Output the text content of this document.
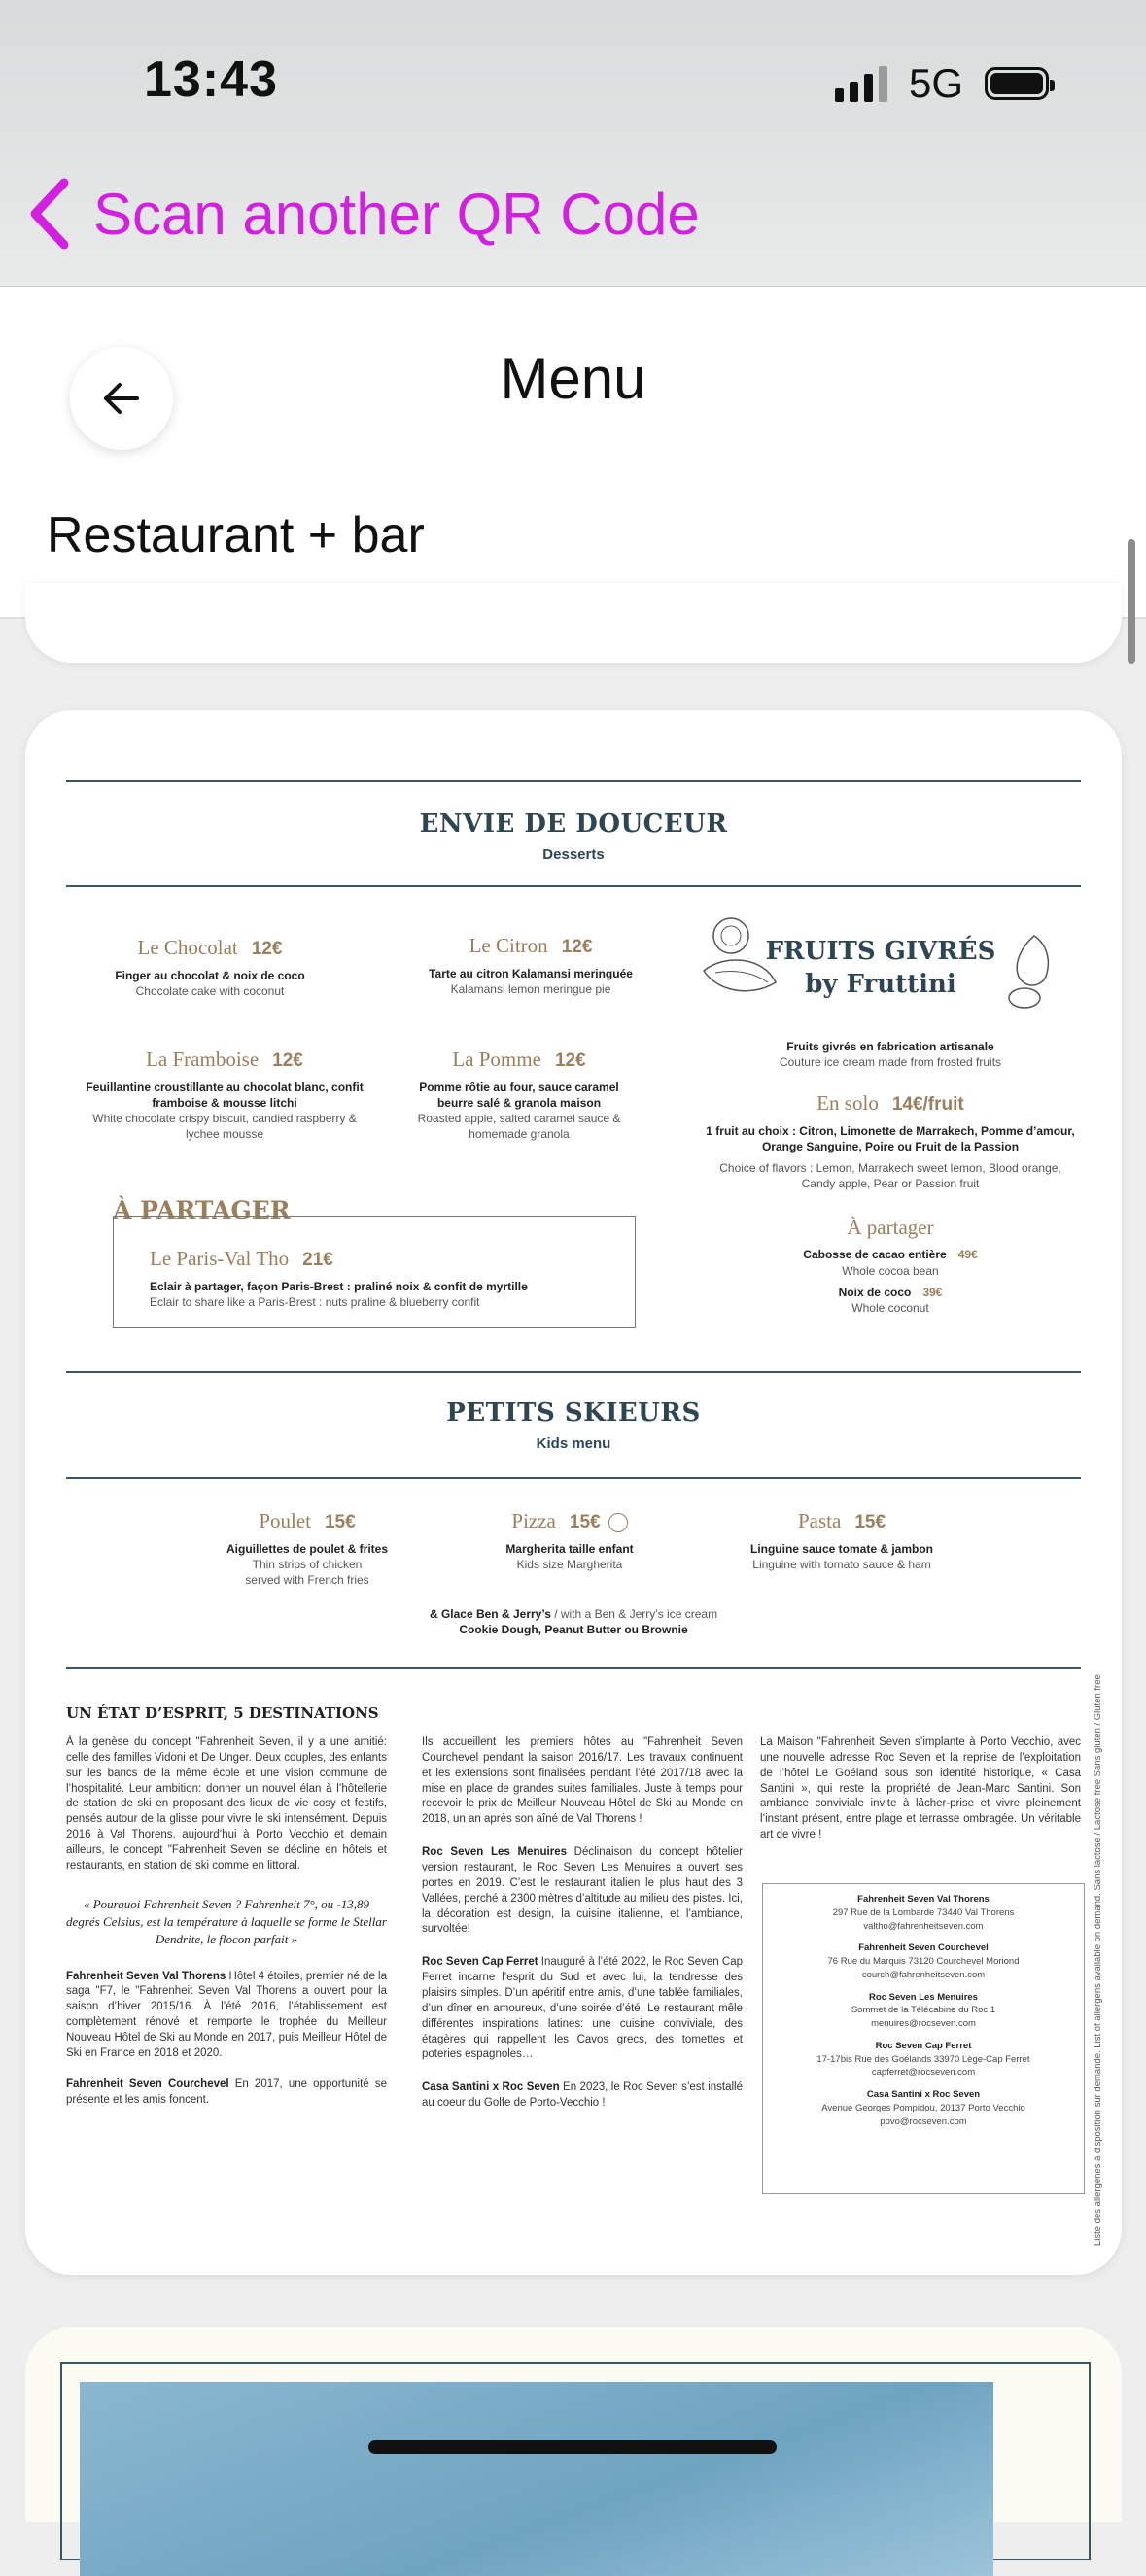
13:43	5G
Scan another QR Code
Menu
Restaurant + bar
ENVIE DE DOUCEUR
Desserts
Le Chocolat 12€
Finger au chocolat & noix de coco
Chocolate cake with coconut
Le Citron 12€
Tarte au citron Kalamansi meringuée
Kalamansi lemon meringue pie
La Framboise 12€
Feuillantine croustillante au chocolat blanc, confit framboise & mousse litchi
White chocolate crispy biscuit, candied raspberry & lychee mousse
La Pomme 12€
Pomme rôtie au four, sauce caramel beurre salé & granola maison
Roasted apple, salted caramel sauce & homemade granola
FRUITS GIVRÉS
by Fruttini
Fruits givrés en fabrication artisanale
Couture ice cream made from frosted fruits
En solo 14€/fruit
1 fruit au choix : Citron, Limonette de Marrakech, Pomme d’amour, Orange Sanguine, Poire ou Fruit de la Passion
Choice of flavors : Lemon, Marrakech sweet lemon, Blood orange, Candy apple, Pear or Passion fruit
À partager
Cabosse de cacao entière 49€
Whole cocoa bean
Noix de coco 39€
Whole coconut
À PARTAGER
Le Paris-Val Tho 21€
Eclair à partager, façon Paris-Brest : praliné noix & confit de myrtille
Eclair to share like a Paris-Brest : nuts praline & blueberry confit
PETITS SKIEURS
Kids menu
Poulet 15€
Aiguillettes de poulet & frites
Thin strips of chicken served with French fries
Pizza 15€
Margherita taille enfant
Kids size Margherita
Pasta 15€
Linguine sauce tomate & jambon
Linguine with tomato sauce & ham
& Glace Ben & Jerry’s / with a Ben & Jerry’s ice cream
Cookie Dough, Peanut Butter ou Brownie
UN ÉTAT D’ESPRIT, 5 DESTINATIONS
À la genèse du concept "Fahrenheit Seven, il y a une amitié: celle des familles Vidoni et De Unger. Deux couples, des enfants sur les bancs de la même école et une vision commune de l’hospitalité. Leur ambition: donner un nouvel élan à l’hôtellerie de station de ski en proposant des lieux de vie cosy et festifs, pensés autour de la glisse pour vivre le ski intensément. Depuis 2016 à Val Thorens, aujourd’hui à Porto Vecchio et demain ailleurs, le concept "Fahrenheit Seven se décline en hôtels et restaurants, en station de ski comme en littoral.
« Pourquoi Fahrenheit Seven ? Fahrenheit 7°, ou -13,89 degrés Celsius, est la température à laquelle se forme le Stellar Dendrite, le flocon parfait »
Fahrenheit Seven Val Thorens Hôtel 4 étoiles, premier né de la saga "F7, le "Fahrenheit Seven Val Thorens a ouvert pour la saison d’hiver 2015/16. À l’été 2016, l’établissement est complètement rénové et remporte le trophée du Meilleur Nouveau Hôtel de Ski au Monde en 2017, puis Meilleur Hôtel de Ski en France en 2018 et 2020.
Fahrenheit Seven Courchevel En 2017, une opportunité se présente et les amis foncent.
Ils accueillent les premiers hôtes au "Fahrenheit Seven Courchevel pendant la saison 2016/17. Les travaux continuent et les extensions sont finalisées pendant l’été 2017/18 avec la mise en place de grandes suites familiales. Juste à temps pour recevoir le prix de Meilleur Nouveau Hôtel de Ski au Monde en 2018, un an après son aîné de Val Thorens !
Roc Seven Les Menuires Déclinaison du concept hôtelier version restaurant, le Roc Seven Les Menuires a ouvert ses portes en 2019. C’est le restaurant italien le plus haut des 3 Vallées, perché à 2300 mètres d’altitude au milieu des pistes. Ici, la décoration est design, la cuisine italienne, et l’ambiance, survoltée!
Roc Seven Cap Ferret Inauguré à l’été 2022, le Roc Seven Cap Ferret incarne l’esprit du Sud et avec lui, la tendresse des plaisirs simples. D’un apéritif entre amis, d’une tablée familiales, d’un dîner en amoureux, d’une soirée d’été. Le restaurant mêle différentes inspirations latines: une cuisine conviviale, des étagères qui rappellent les Cavos grecs, des tomettes et poteries espagnoles…
Casa Santini x Roc Seven En 2023, le Roc Seven s’est installé au coeur du Golfe de Porto-Vecchio !
La Maison "Fahrenheit Seven s’implante à Porto Vecchio, avec une nouvelle adresse Roc Seven et la reprise de l’exploitation de l’hôtel Le Goéland sous son identité historique, « Casa Santini », qui reste la propriété de Jean-Marc Santini. Son ambiance conviviale invite à lâcher-prise et vivre pleinement l’instant présent, entre plage et terrasse ombragée. Un véritable art de vivre !
Fahrenheit Seven Val Thorens
297 Rue de la Lombarde 73440 Val Thorens
valtho@fahrenheitseven.com
Fahrenheit Seven Courchevel
76 Rue du Marquis 73120 Courchevel Moriond
courch@fahrenheitseven.com
Roc Seven Les Menuires
Sommet de la Télécabine du Roc 1
menuires@rocseven.com
Roc Seven Cap Ferret
17-17bis Rue des Goélands 33970 Lège-Cap Ferret
capferret@rocseven.com
Casa Santini x Roc Seven
Avenue Georges Pompidou, 20137 Porto Vecchio
povo@rocseven.com	Liste des allergènes à disposition sur demande. List of allergens available on demand. Sans lactose / Lactose free Sans gluten / Gluten free
